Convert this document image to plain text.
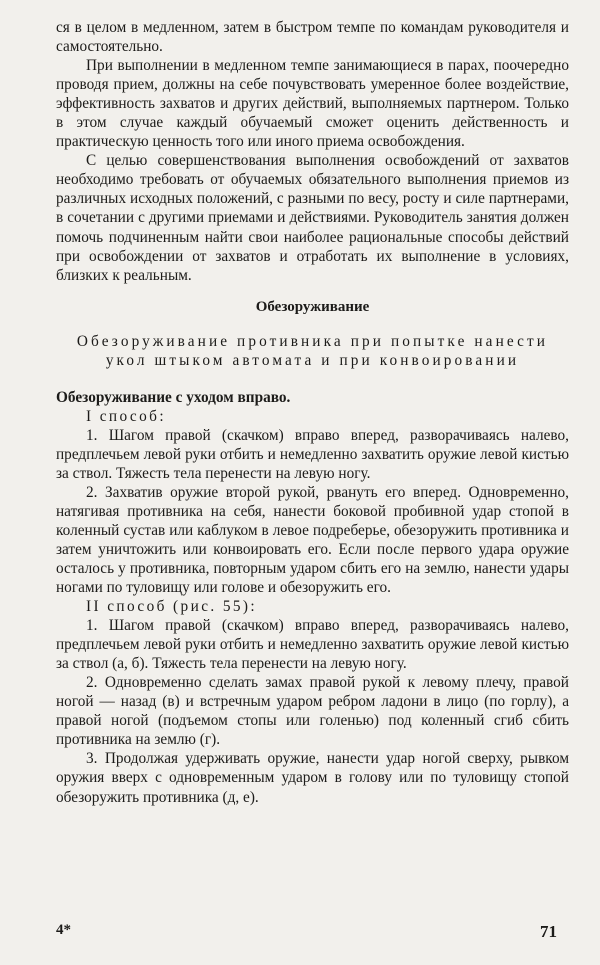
ся в целом в медленном, затем в быстром темпе по командам руководителя и самостоятельно.

При выполнении в медленном темпе занимающиеся в парах, поочередно проводя прием, должны на себе почувствовать умеренное более воздействие, эффективность захватов и других действий, выполняемых партнером. Только в этом случае каждый обучаемый сможет оценить действенность и практическую ценность того или иного приема освобождения.

С целью совершенствования выполнения освобождений от захватов необходимо требовать от обучаемых обязательного выполнения приемов из различных исходных положений, с разными по весу, росту и силе партнерами, в сочетании с другими приемами и действиями. Руководитель занятия должен помочь подчиненным найти свои наиболее рациональные способы действий при освобождении от захватов и отработать их выполнение в условиях, близких к реальным.

Обезоруживание
Обезоруживание противника при попытке нанести укол штыком автомата и при конвоировании

Обезоруживание с уходом вправо.

I способ:

1. Шагом правой (скачком) вправо вперед, разворачиваясь налево, предплечьем левой руки отбить и немедленно захватить оружие левой кистью за ствол. Тяжесть тела перенести на левую ногу.

2. Захватив оружие второй рукой, рвануть его вперед. Одновременно, натягивая противника на себя, нанести боковой пробивной удар стопой в коленный сустав или каблуком в левое подреберье, обезоружить противника и затем уничтожить или конвоировать его. Если после первого удара оружие осталось у противника, повторным ударом сбить его на землю, нанести удары ногами по туловищу или голове и обезоружить его.

II способ (рис. 55):

1. Шагом правой (скачком) вправо вперед, разворачиваясь налево, предплечьем левой руки отбить и немедленно захватить оружие левой кистью за ствол (а, б). Тяжесть тела перенести на левую ногу.

2. Одновременно сделать замах правой рукой к левому плечу, правой ногой — назад (в) и встречным ударом ребром ладони в лицо (по горлу), а правой ногой (подъемом стопы или голенью) под коленный сгиб сбить противника на землю (г).

3. Продолжая удерживать оружие, нанести удар ногой сверху, рывком оружия вверх с одновременным ударом в голову или по туловищу стопой обезоружить противника (д, е).

4*	71
